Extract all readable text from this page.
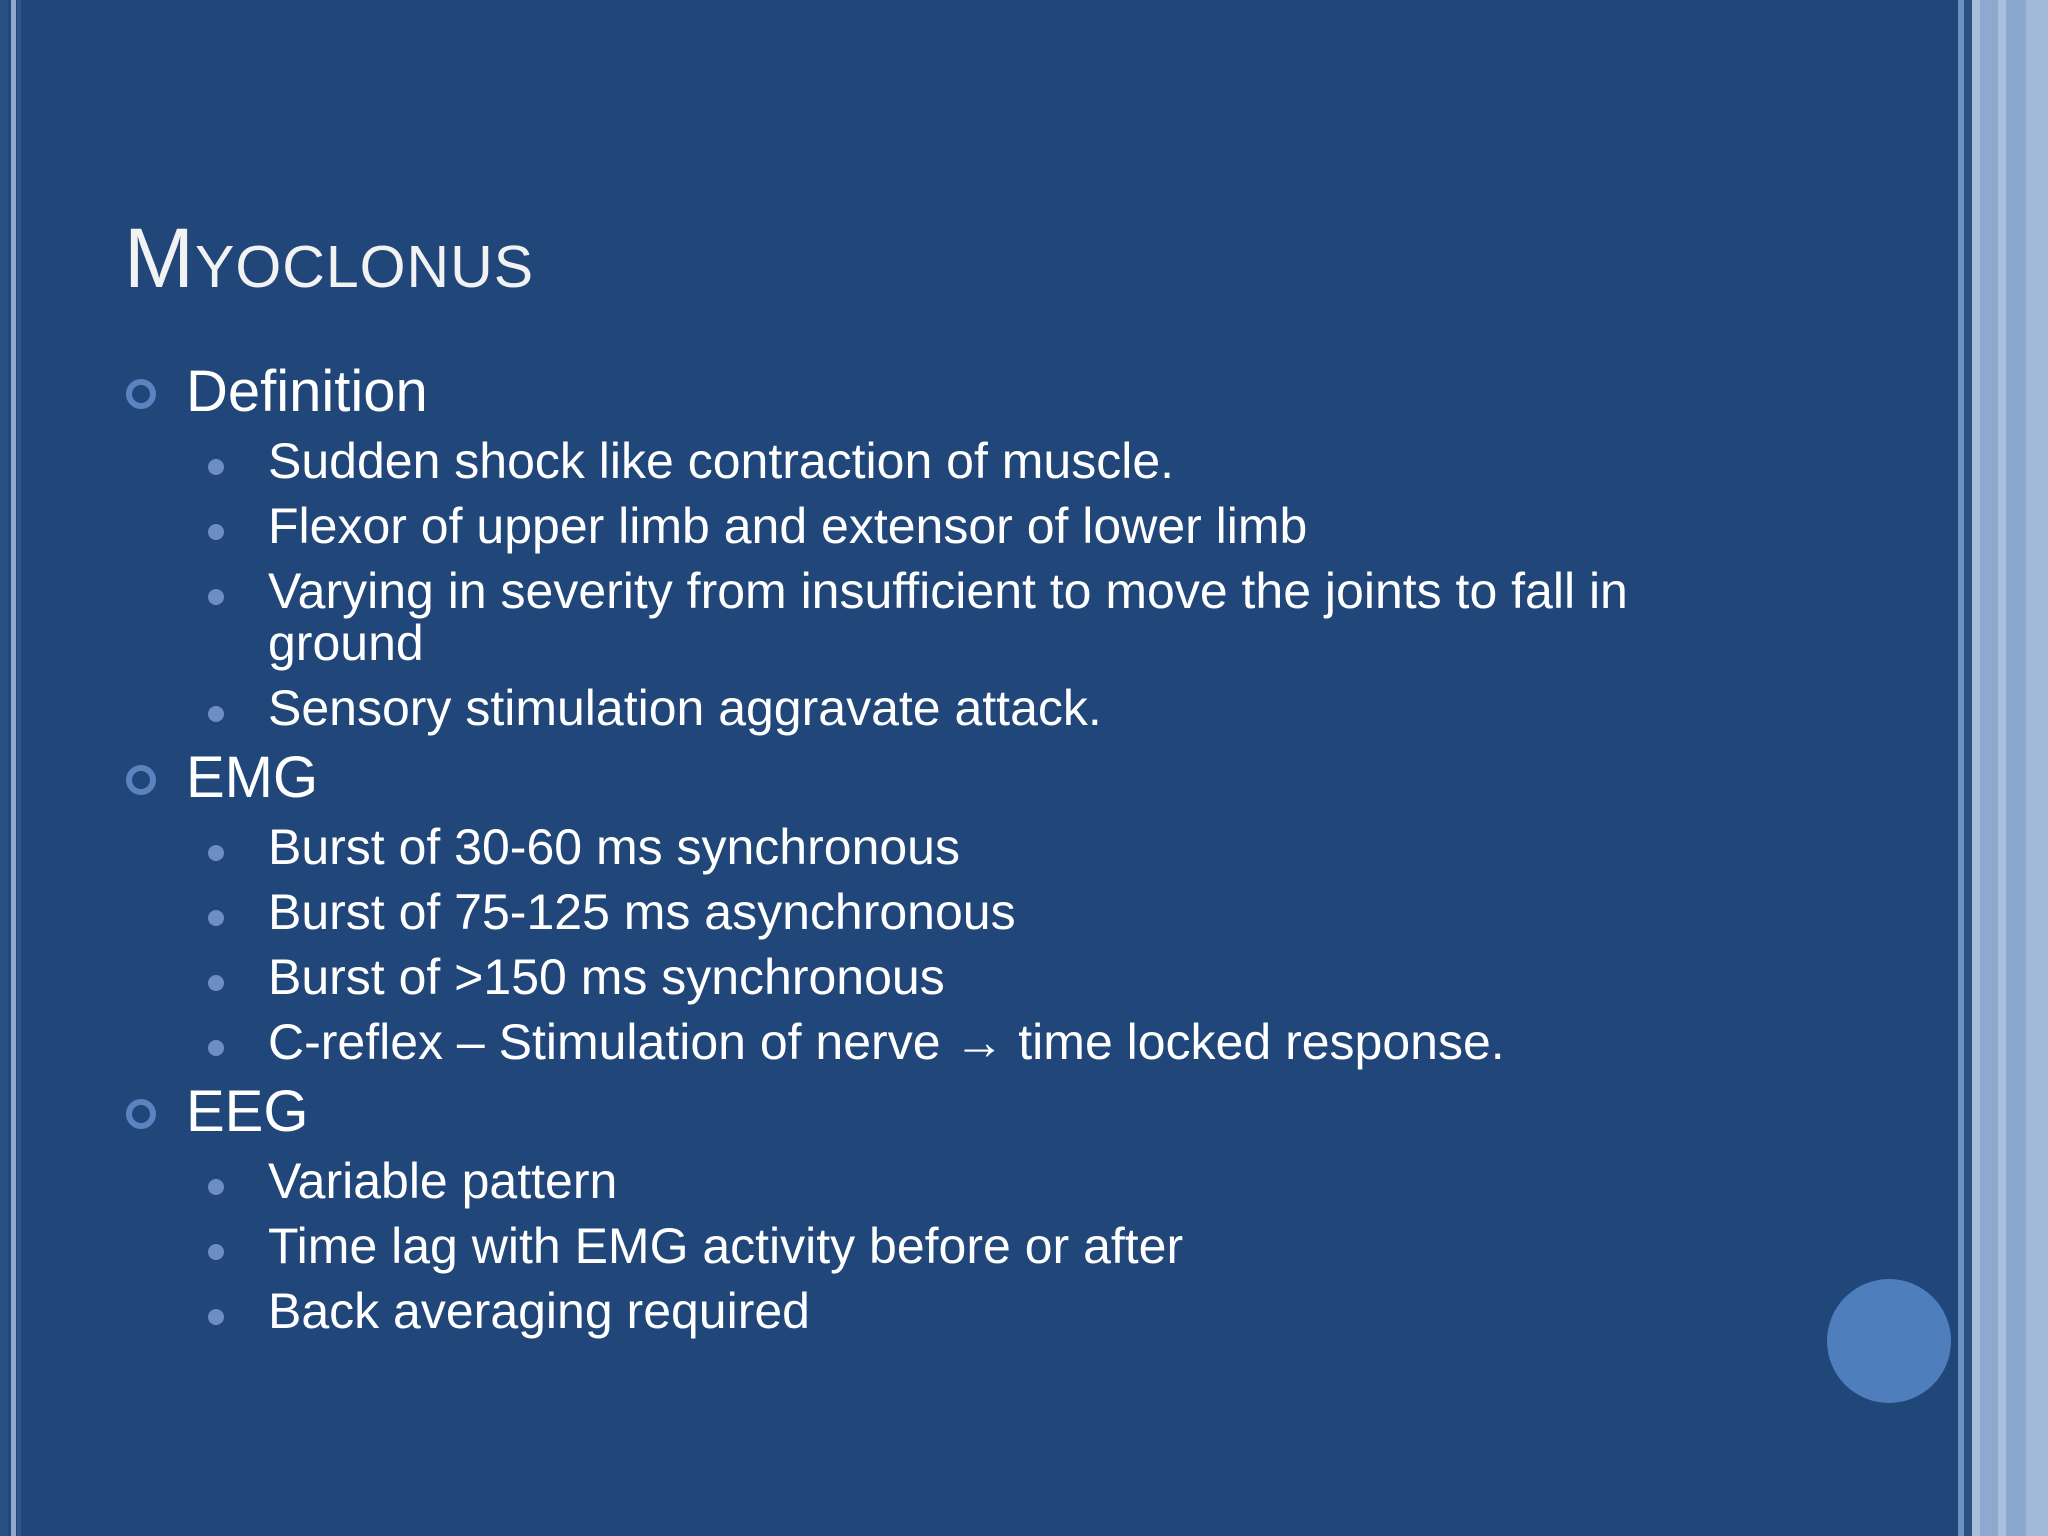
Myoclonus
Definition
Sudden shock like contraction of muscle.
Flexor of upper limb and extensor of lower limb
Varying in severity from insufficient to move the joints to fall in ground
Sensory stimulation aggravate attack.
EMG
Burst of 30-60 ms synchronous
Burst of 75-125 ms asynchronous
Burst of >150 ms synchronous
C-reflex – Stimulation of nerve → time locked response.
EEG
Variable pattern
Time lag with EMG activity before or after
Back averaging required
